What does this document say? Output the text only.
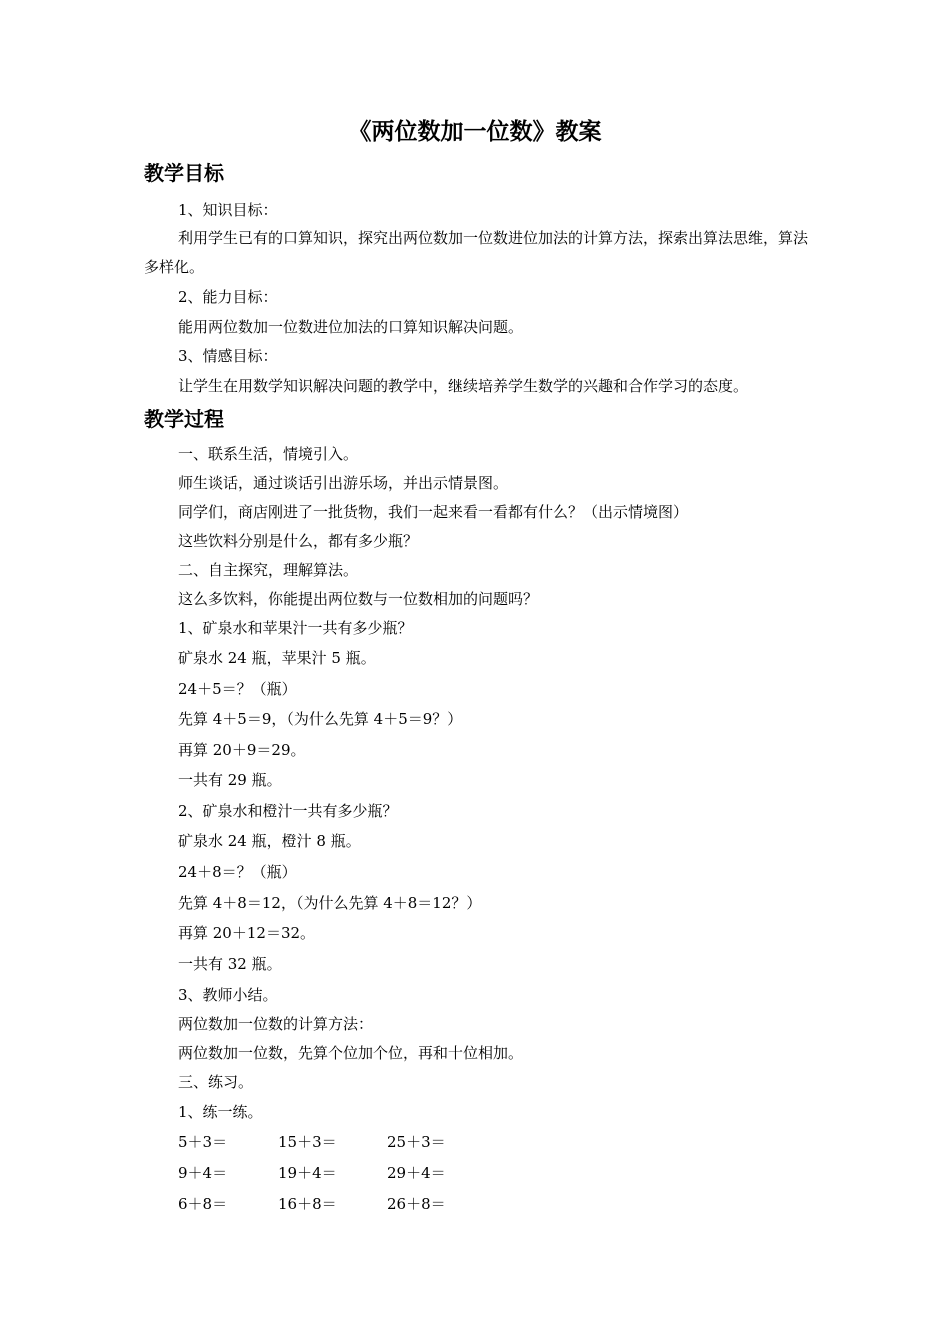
《两位数加一位数》教案
教学目标
1、知识目标：
利用学生已有的口算知识，探究出两位数加一位数进位加法的计算方法，探索出算法思维，算法多样化。
2、能力目标：
能用两位数加一位数进位加法的口算知识解决问题。
3、情感目标：
让学生在用数学知识解决问题的教学中，继续培养学生数学的兴趣和合作学习的态度。
教学过程
一、联系生活，情境引入。
师生谈话，通过谈话引出游乐场，并出示情景图。
同学们，商店刚进了一批货物，我们一起来看一看都有什么？（出示情境图）
这些饮料分别是什么，都有多少瓶？
二、自主探究，理解算法。
这么多饮料，你能提出两位数与一位数相加的问题吗？
1、矿泉水和苹果汁一共有多少瓶？
矿泉水 24 瓶，苹果汁 5 瓶。
24＋5＝？（瓶）
先算 4＋5＝9，（为什么先算 4＋5＝9？）
再算 20＋9＝29。
一共有 29 瓶。
2、矿泉水和橙汁一共有多少瓶？
矿泉水 24 瓶，橙汁 8 瓶。
24＋8＝？（瓶）
先算 4＋8＝12，（为什么先算 4＋8＝12？）
再算 20＋12＝32。
一共有 32 瓶。
3、教师小结。
两位数加一位数的计算方法：
两位数加一位数，先算个位加个位，再和十位相加。
三、练习。
1、练一练。
5＋3＝	15＋3＝	25＋3＝
9＋4＝	19＋4＝	29＋4＝
6＋8＝	16＋8＝	26＋8＝
